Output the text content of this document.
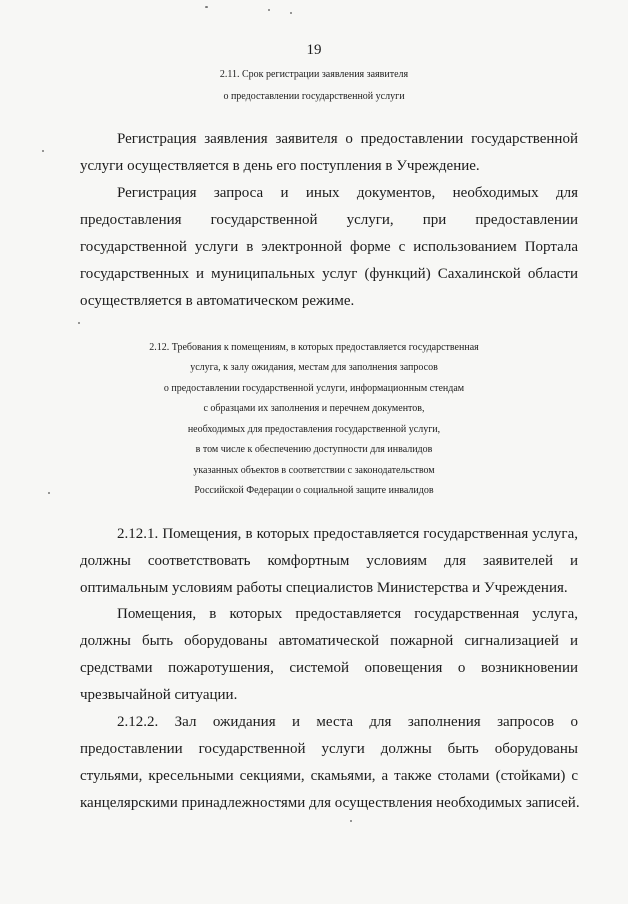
19
2.11. Срок регистрации заявления заявителя
о предоставлении государственной услуги
Регистрация заявления заявителя о предоставлении государственной
услуги осуществляется в день его поступления в Учреждение.
Регистрация запроса и иных документов, необходимых для
предоставления государственной услуги, при предоставлении
государственной услуги в электронной форме с использованием Портала
государственных и муниципальных услуг (функций) Сахалинской области
осуществляется в автоматическом режиме.
2.12. Требования к помещениям, в которых предоставляется государственная
услуга, к залу ожидания, местам для заполнения запросов
о предоставлении государственной услуги, информационным стендам
с образцами их заполнения и перечнем документов,
необходимых для предоставления государственной услуги,
в том числе к обеспечению доступности для инвалидов
указанных объектов в соответствии с законодательством
Российской Федерации о социальной защите инвалидов
2.12.1. Помещения, в которых предоставляется государственная услуга,
должны соответствовать комфортным условиям для заявителей и
оптимальным условиям работы специалистов Министерства и Учреждения.
Помещения, в которых предоставляется государственная услуга,
должны быть оборудованы автоматической пожарной сигнализацией и
средствами пожаротушения, системой оповещения о возникновении
чрезвычайной ситуации.
2.12.2. Зал ожидания и места для заполнения запросов о
предоставлении государственной услуги должны быть оборудованы
стульями, кресельными секциями, скамьями, а также столами (стойками) с
канцелярскими принадлежностями для осуществления необходимых записей.
